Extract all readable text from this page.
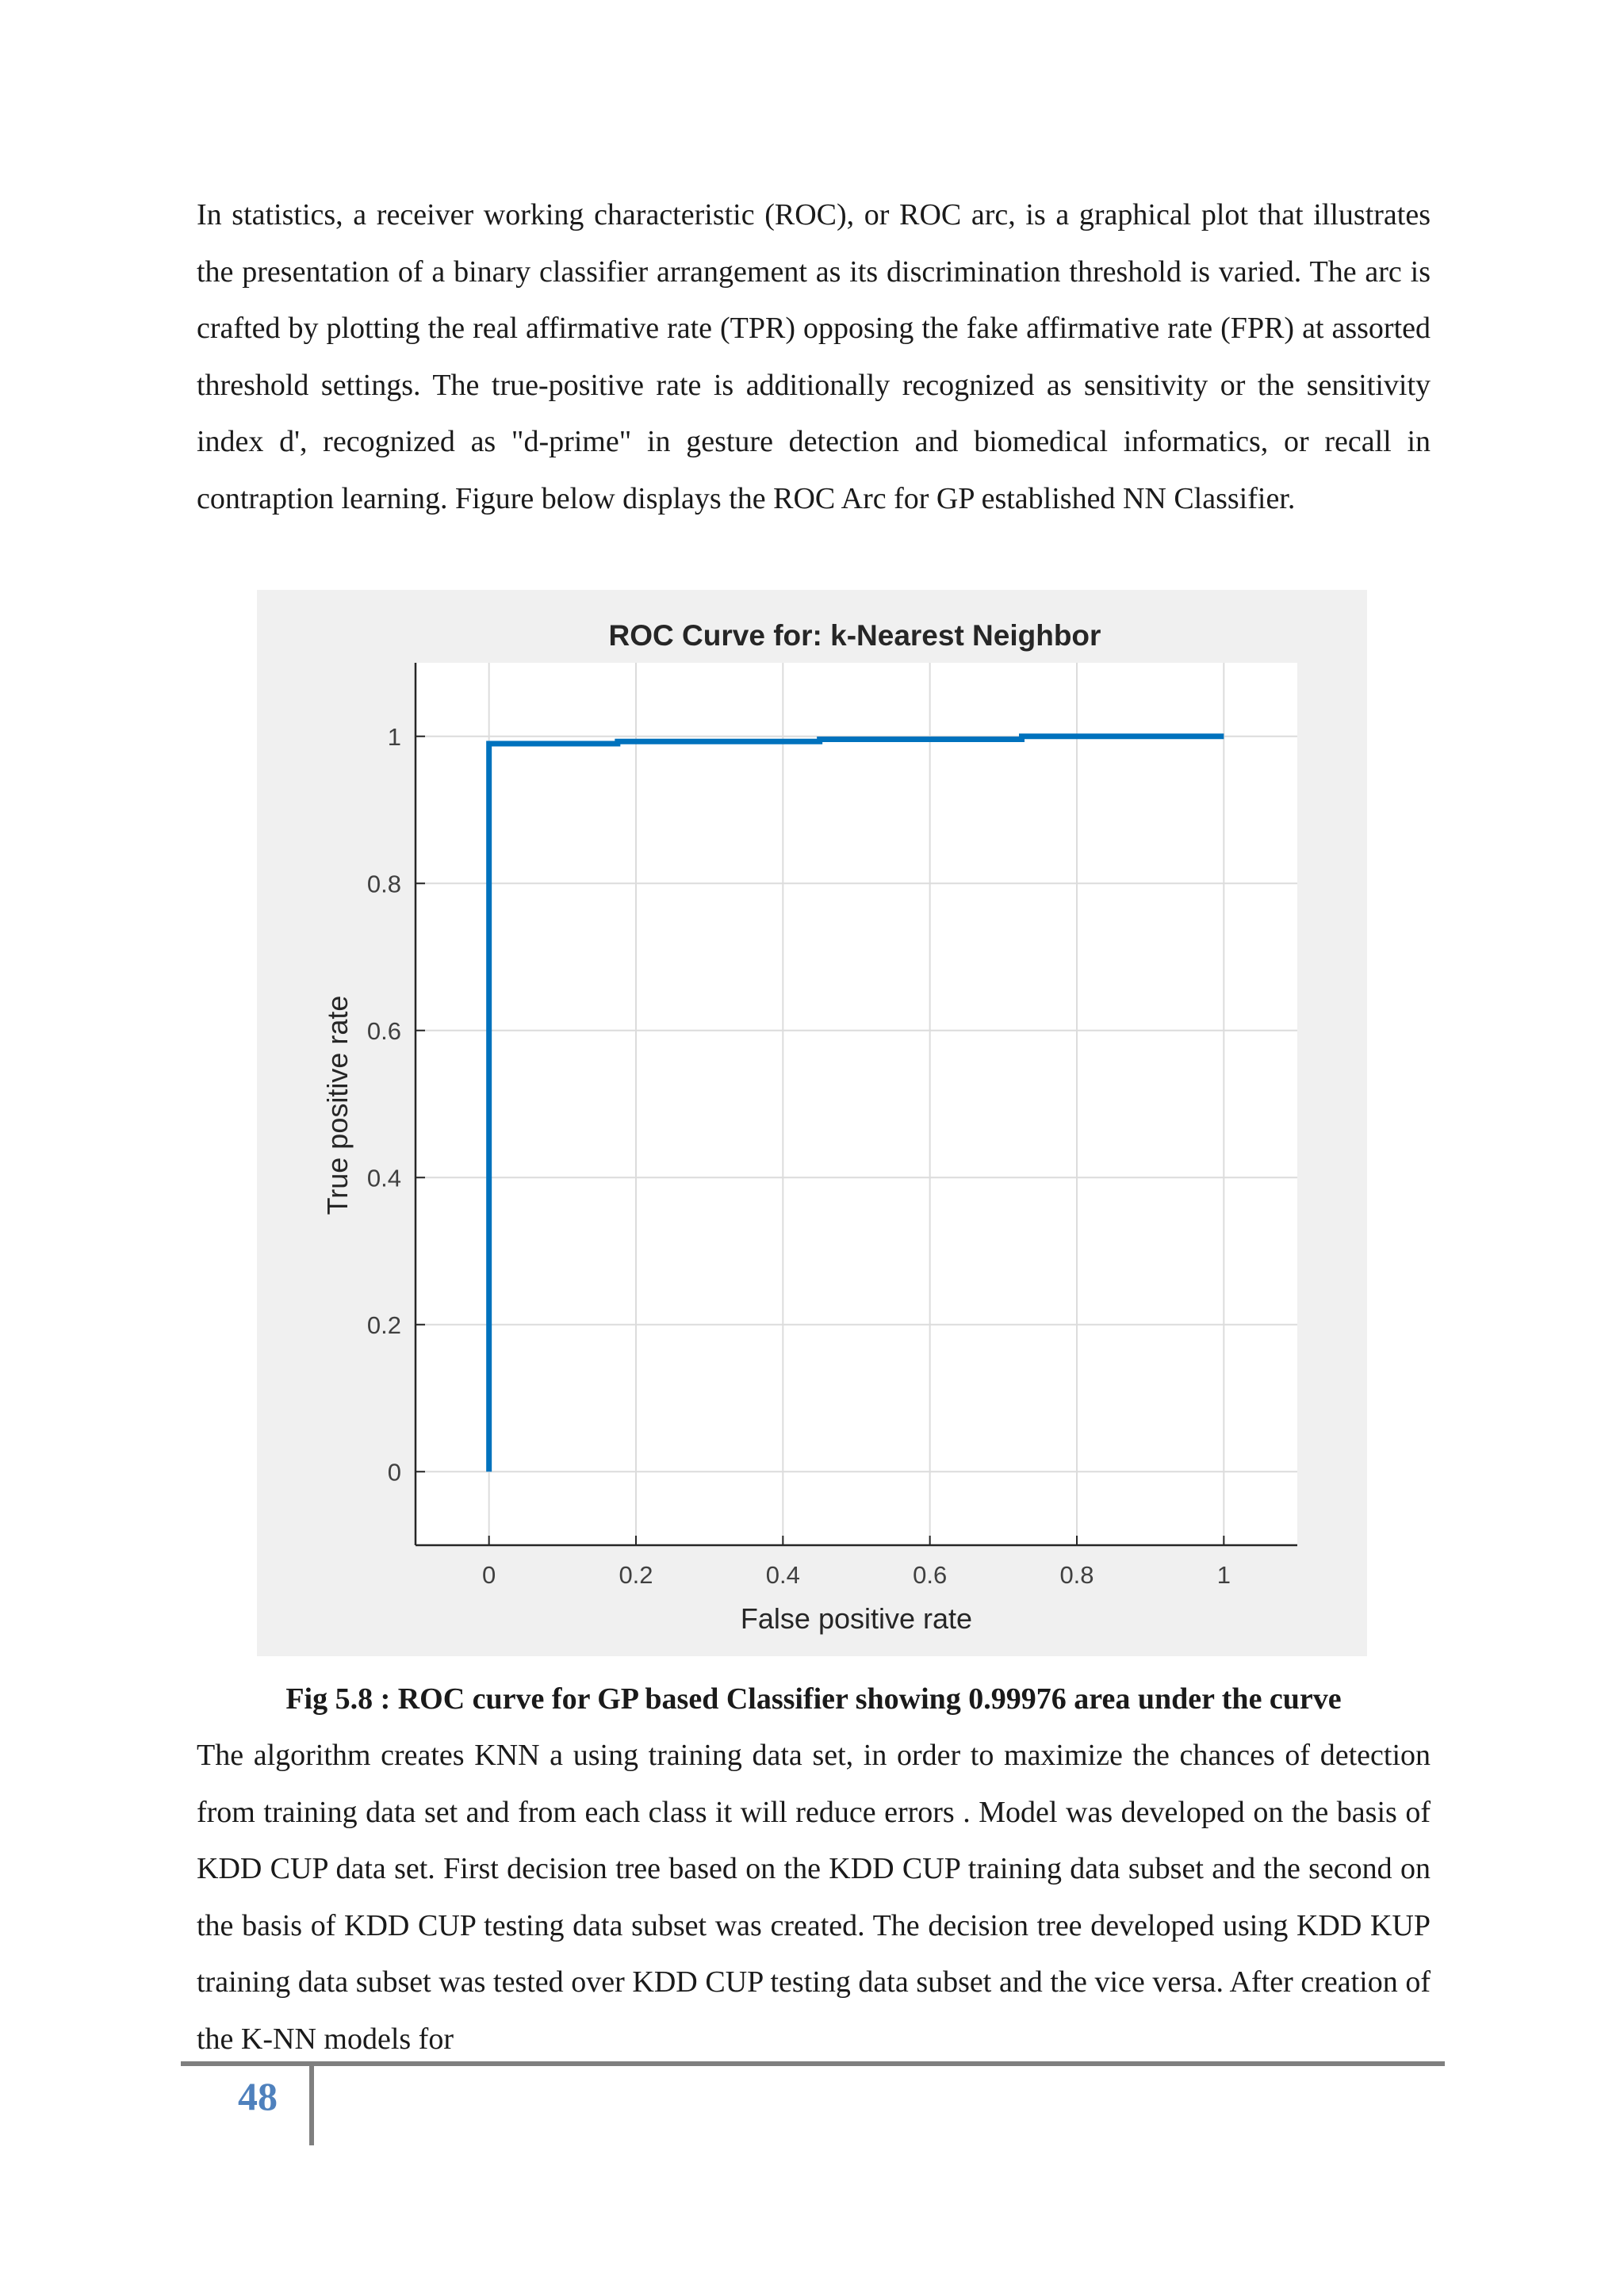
In statistics, a receiver working characteristic (ROC), or ROC arc, is a graphical plot that illustrates the presentation of a binary classifier arrangement as its discrimination threshold is varied. The arc is crafted by plotting the real affirmative rate (TPR) opposing the fake affirmative rate (FPR) at assorted threshold settings. The true-positive rate is additionally recognized as sensitivity or the sensitivity index d', recognized as "d-prime" in gesture detection and biomedical informatics, or recall in contraption learning. Figure below displays the ROC Arc for GP established NN Classifier.

0	0.2	0.4	0.6	0.8	1
0
0.2
0.4
0.6
0.8
1
ROC Curve for: k-Nearest Neighbor
False positive rate
True positive rate

Fig 5.8 : ROC curve for GP based Classifier showing 0.99976 area under the curve

The algorithm creates KNN a using training data set, in order to maximize the chances of detection from training data set and from each class it will reduce errors . Model was developed on the basis of KDD CUP data set. First decision tree based on the KDD CUP training data subset and the second on the basis of KDD CUP testing data subset was created. The decision tree developed using KDD KUP training data subset was tested over KDD CUP testing data subset and the vice versa. After creation of the K-NN models for

48
